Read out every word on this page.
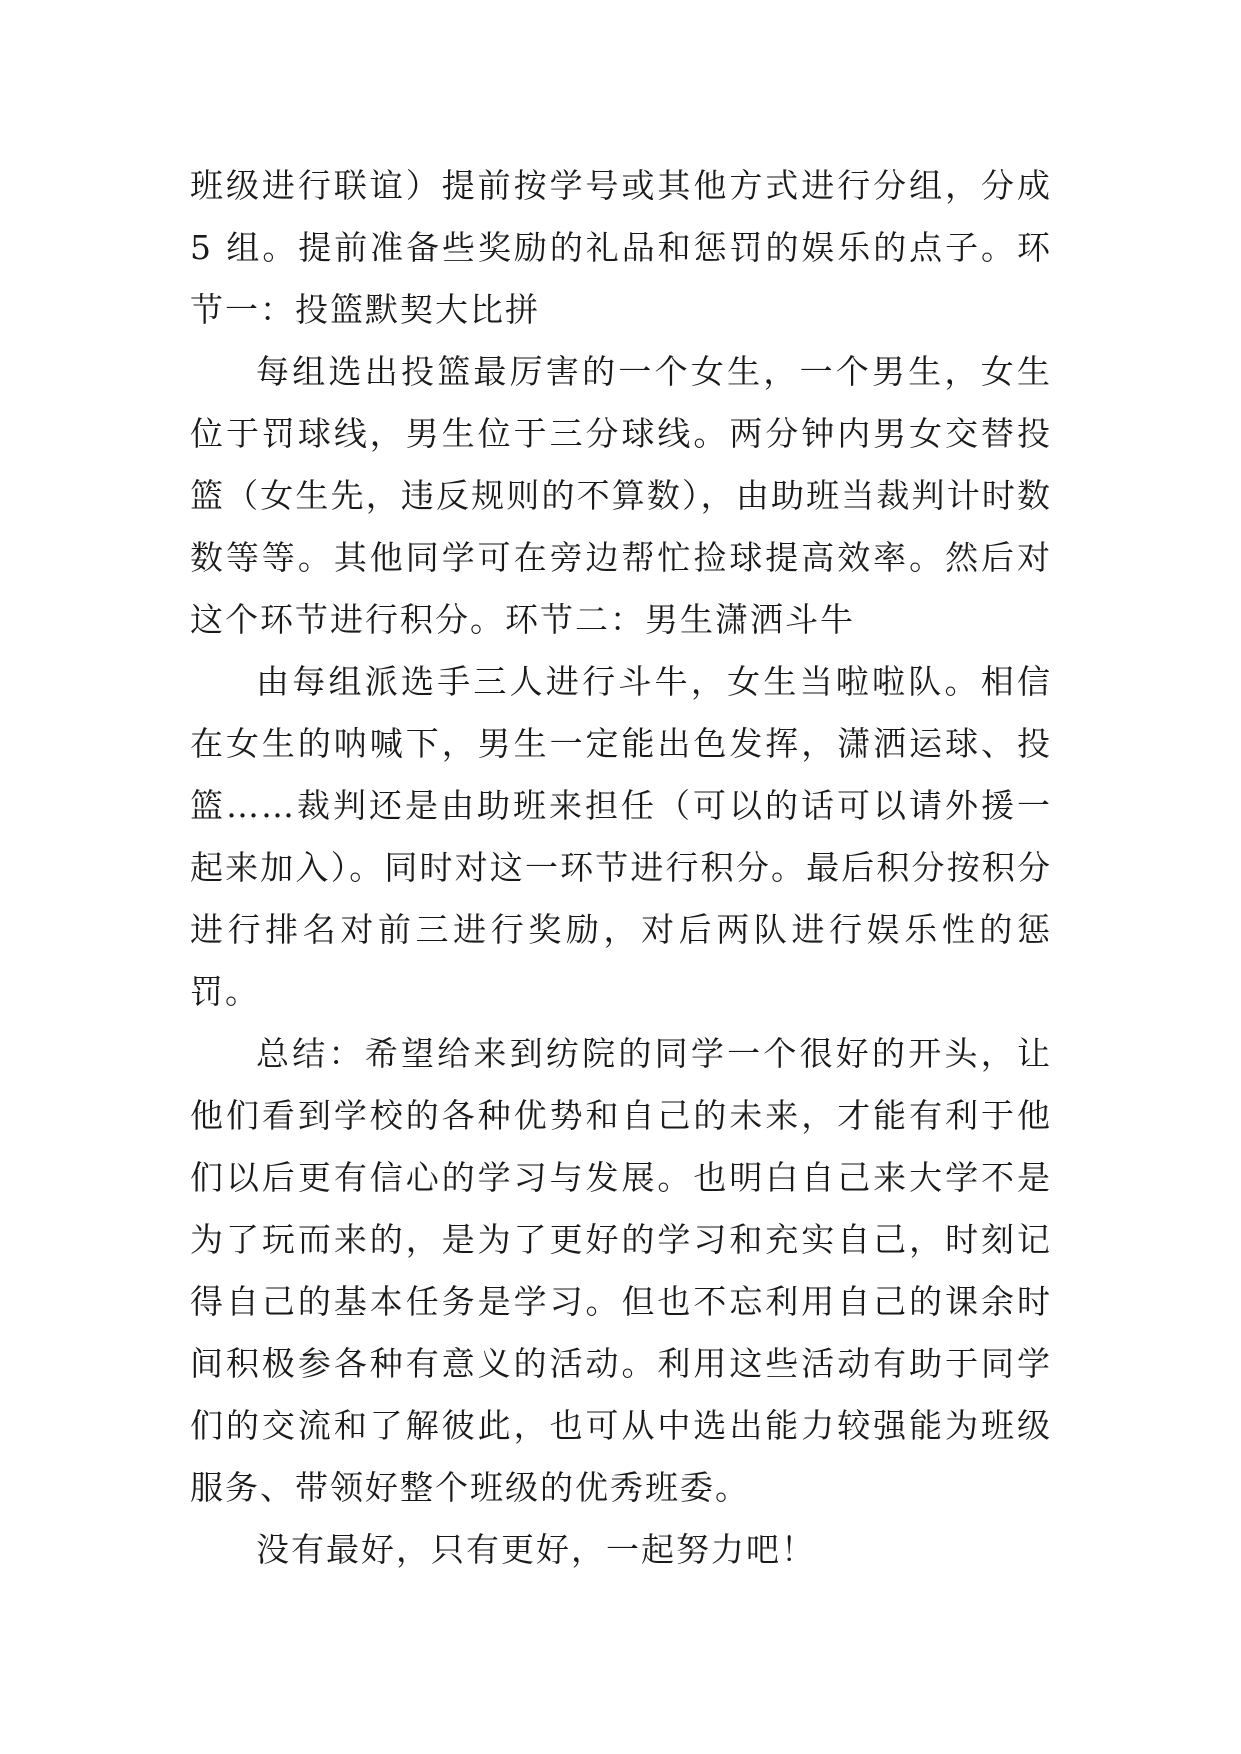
班级进行联谊）提前按学号或其他方式进行分组，分成 5 组。提前准备些奖励的礼品和惩罚的娱乐的点子。环节一：投篮默契大比拼

每组选出投篮最厉害的一个女生，一个男生，女生位于罚球线，男生位于三分球线。两分钟内男女交替投篮（女生先，违反规则的不算数），由助班当裁判计时数数等等。其他同学可在旁边帮忙捡球提高效率。然后对这个环节进行积分。环节二：男生潇洒斗牛

由每组派选手三人进行斗牛，女生当啦啦队。相信在女生的呐喊下，男生一定能出色发挥，潇洒运球、投篮……裁判还是由助班来担任（可以的话可以请外援一起来加入）。同时对这一环节进行积分。最后积分按积分进行排名对前三进行奖励，对后两队进行娱乐性的惩罚。

总结：希望给来到纺院的同学一个很好的开头，让他们看到学校的各种优势和自己的未来，才能有利于他们以后更有信心的学习与发展。也明白自己来大学不是为了玩而来的，是为了更好的学习和充实自己，时刻记得自己的基本任务是学习。但也不忘利用自己的课余时间积极参各种有意义的活动。利用这些活动有助于同学们的交流和了解彼此，也可从中选出能力较强能为班级服务、带领好整个班级的优秀班委。

没有最好，只有更好，一起努力吧！
